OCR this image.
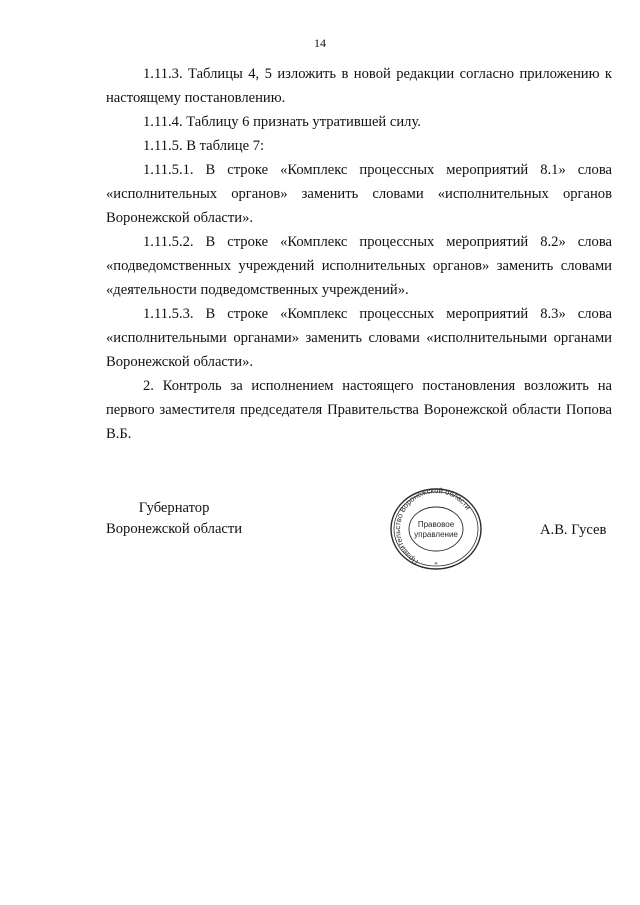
14

1.11.3. Таблицы 4, 5 изложить в новой редакции согласно приложению к настоящему постановлению.

1.11.4. Таблицу 6 признать утратившей силу.

1.11.5. В таблице 7:

1.11.5.1. В строке «Комплекс процессных мероприятий 8.1» слова «исполнительных органов» заменить словами «исполнительных органов Воронежской области».

1.11.5.2. В строке «Комплекс процессных мероприятий 8.2» слова «подведомственных учреждений исполнительных органов» заменить словами «деятельности подведомственных учреждений».

1.11.5.3. В строке «Комплекс процессных мероприятий 8.3» слова «исполнительными органами» заменить словами «исполнительными органами Воронежской области».

2. Контроль за исполнением настоящего постановления возложить на первого заместителя председателя Правительства Воронежской области Попова В.Б.

Губернатор
Воронежской области
Правительство Воронежской области
Правовое
управление
*
А.В. Гусев
